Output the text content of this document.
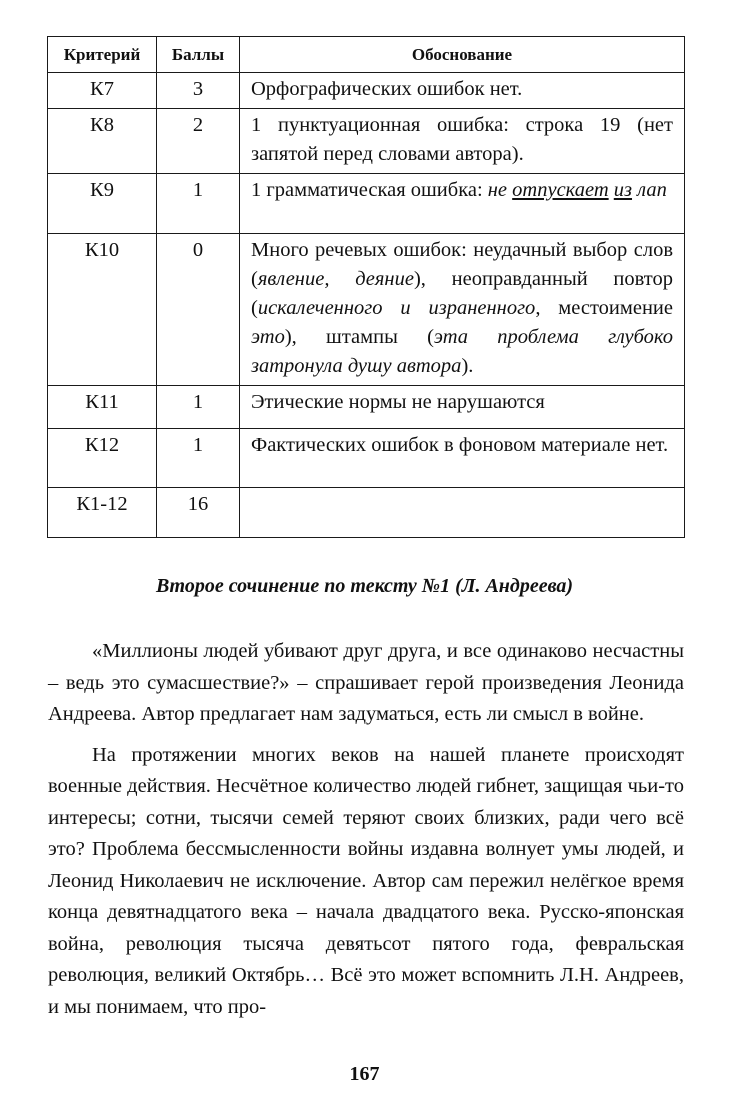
Критерий	Баллы	Обоснование
К7	3	Орфографических ошибок нет.
К8	2	1 пунктуационная ошибка: строка 19 (нет запятой перед словами автора).
К9	1	1 грамматическая ошибка: не отпускает из лап
К10	0	Много речевых ошибок: неудачный выбор слов (явление, деяние), неоправданный повтор (искалеченного и израненного, местоимение это), штампы (эта проблема глубоко затронула душу автора).
К11	1	Этические нормы не нарушаются
К12	1	Фактических ошибок в фоновом материале нет.
К1-12	16	
Второе сочинение по тексту №1 (Л. Андреева)

«Миллионы людей убивают друг друга, и все одинаково несчастны – ведь это сумасшествие?» – спрашивает герой произведения Леонида Андреева. Автор предлагает нам задуматься, есть ли смысл в войне.

На протяжении многих веков на нашей планете происходят военные действия. Несчётное количество людей гибнет, защищая чьи-то интересы; сотни, тысячи семей теряют своих близких, ради чего всё это? Проблема бессмысленности войны издавна волнует умы людей, и Леонид Николаевич не исключение. Автор сам пережил нелёгкое время конца девятнадцатого века – начала двадцатого века. Русско-японская война, революция тысяча девятьсот пятого года, февральская революция, великий Октябрь… Всё это может вспомнить Л.Н. Андреев, и мы понимаем, что про-

167
